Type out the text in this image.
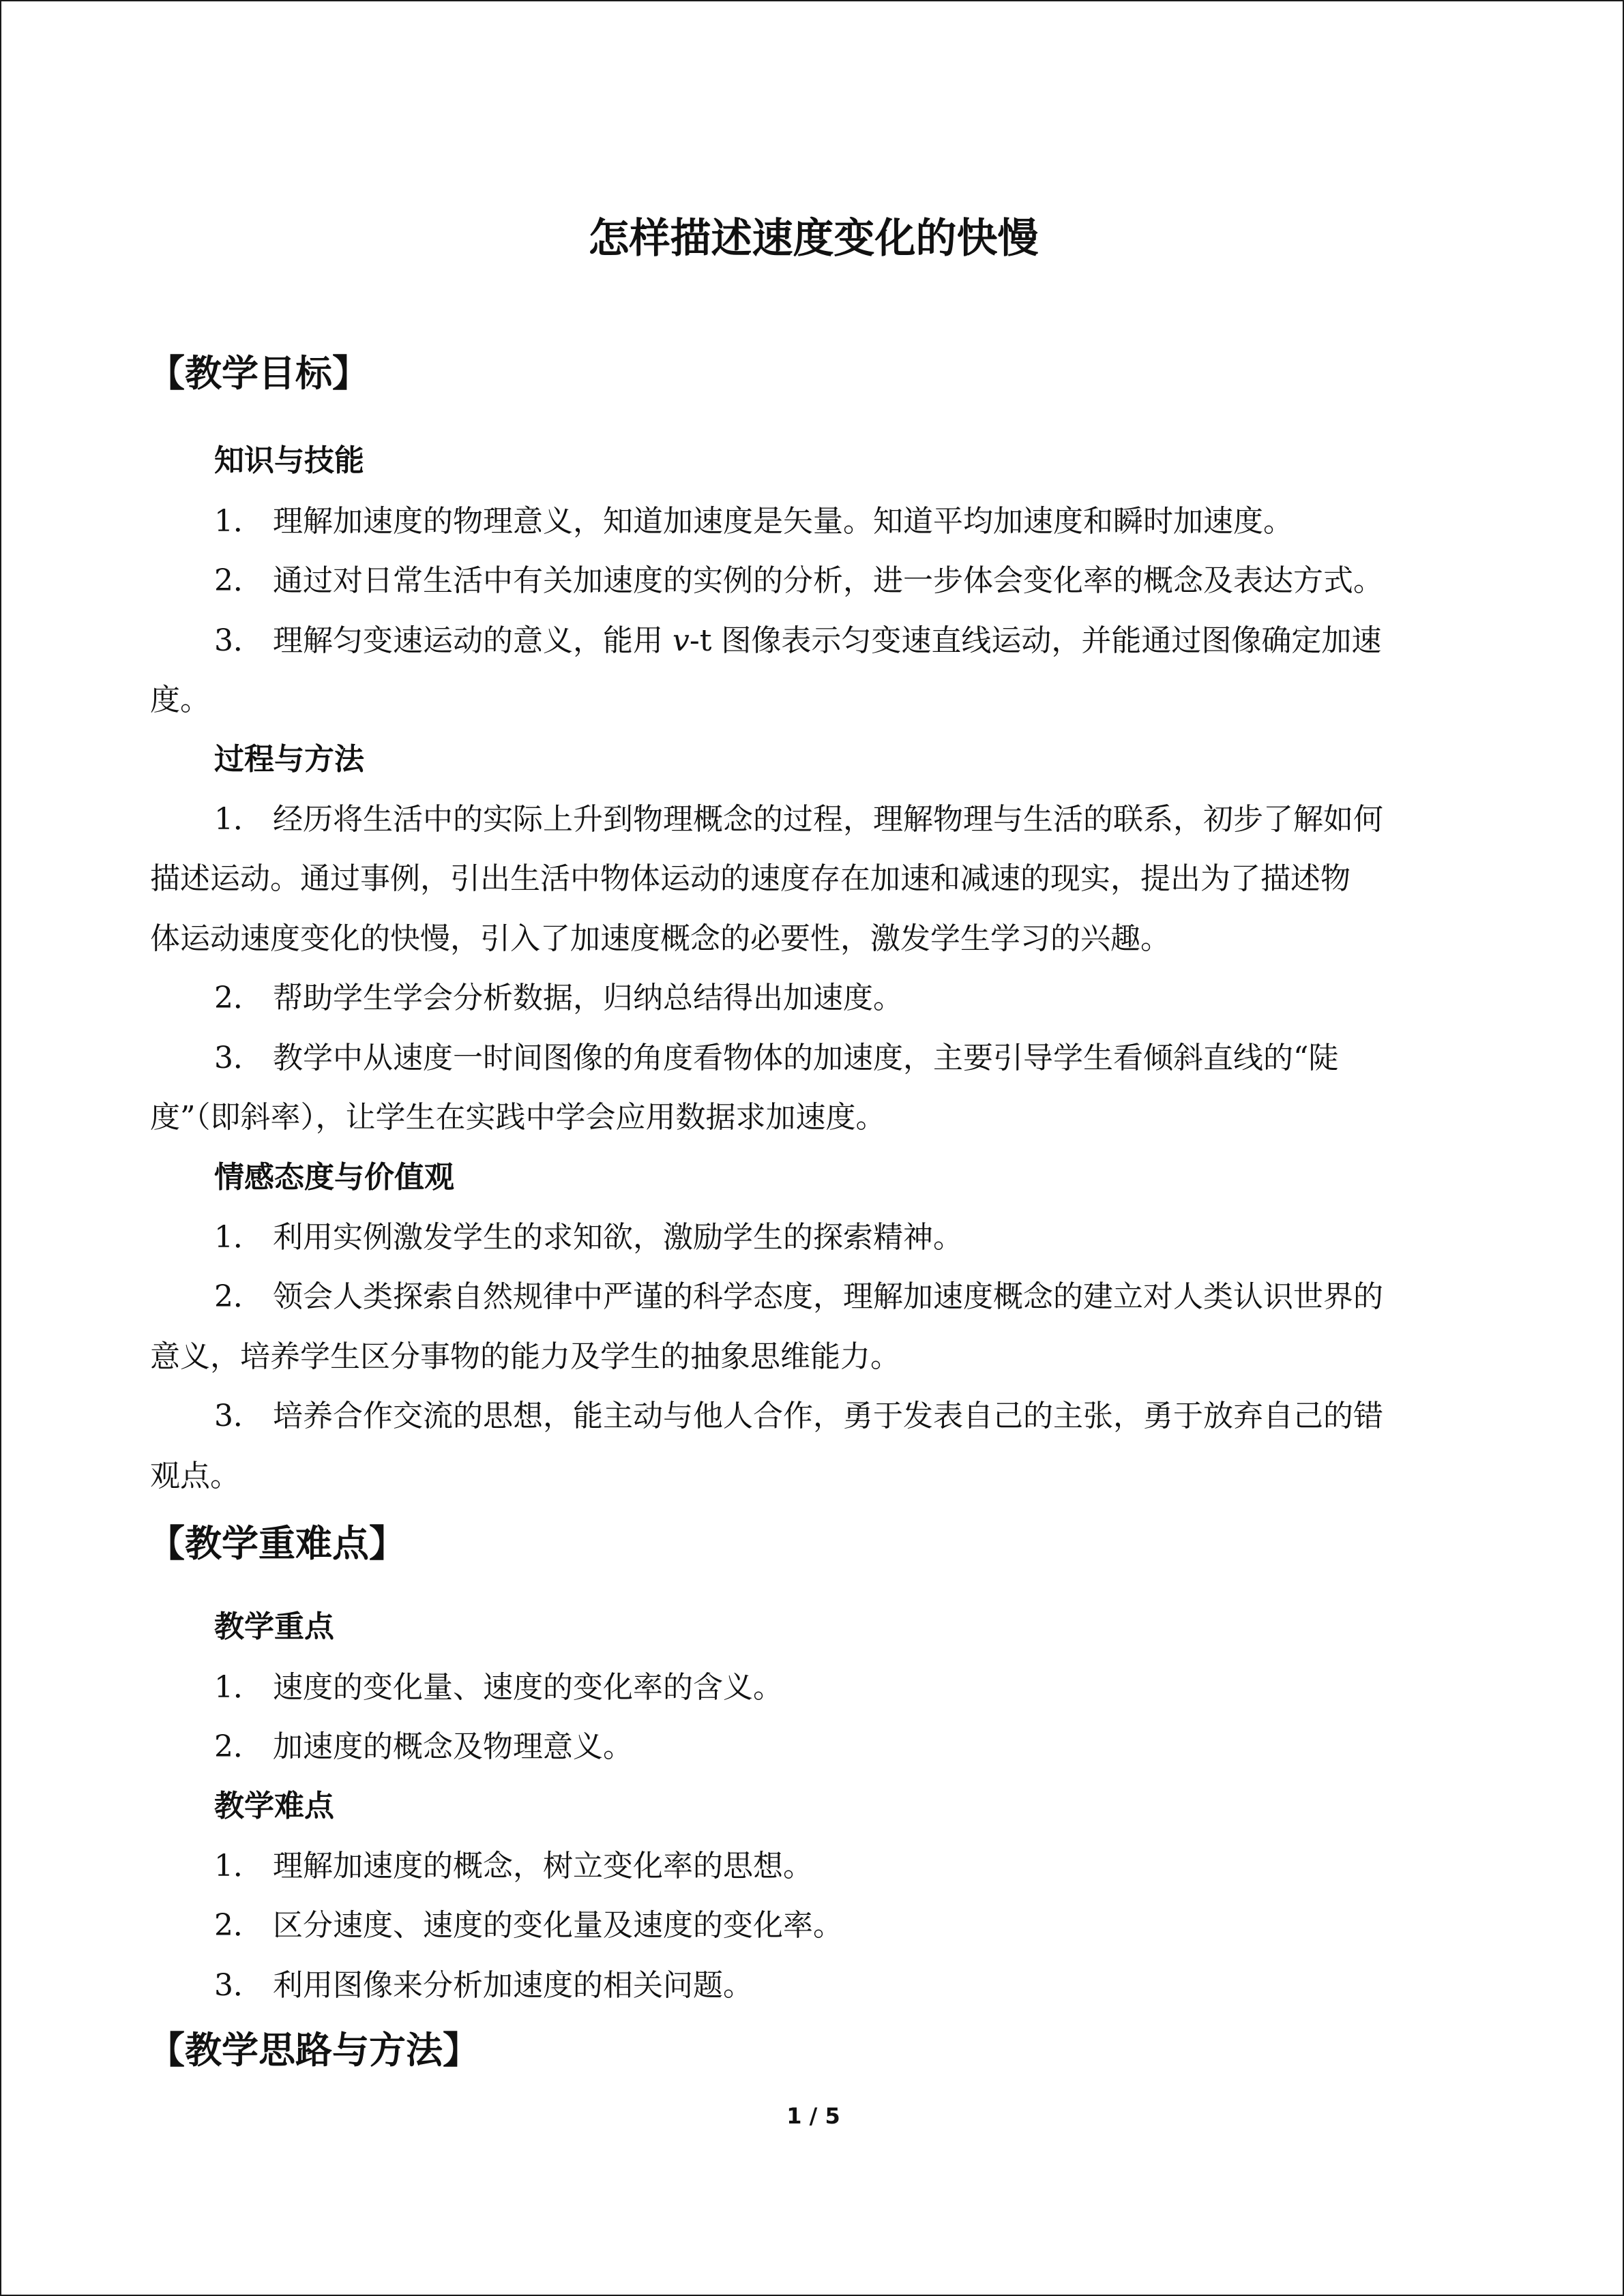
怎样描述速度变化的快慢
【教学目标】
知识与技能
1． 理解加速度的物理意义，知道加速度是矢量。知道平均加速度和瞬时加速度。
2． 通过对日常生活中有关加速度的实例的分析，进一步体会变化率的概念及表达方式。
3． 理解匀变速运动的意义，能用 v-t 图像表示匀变速直线运动，并能通过图像确定加速
度。
过程与方法
1． 经历将生活中的实际上升到物理概念的过程，理解物理与生活的联系，初步了解如何
描述运动。通过事例，引出生活中物体运动的速度存在加速和减速的现实，提出为了描述物
体运动速度变化的快慢，引入了加速度概念的必要性，激发学生学习的兴趣。
2． 帮助学生学会分析数据，归纳总结得出加速度。
3． 教学中从速度一时间图像的角度看物体的加速度，主要引导学生看倾斜直线的“陡
度”（即斜率），让学生在实践中学会应用数据求加速度。
情感态度与价值观
1． 利用实例激发学生的求知欲，激励学生的探索精神。
2． 领会人类探索自然规律中严谨的科学态度，理解加速度概念的建立对人类认识世界的
意义，培养学生区分事物的能力及学生的抽象思维能力。
3． 培养合作交流的思想，能主动与他人合作，勇于发表自己的主张，勇于放弃自己的错
观点。
【教学重难点】
教学重点
1． 速度的变化量、速度的变化率的含义。
2． 加速度的概念及物理意义。
教学难点
1． 理解加速度的概念，树立变化率的思想。
2． 区分速度、速度的变化量及速度的变化率。
3． 利用图像来分析加速度的相关问题。
【教学思路与方法】
1 / 5
